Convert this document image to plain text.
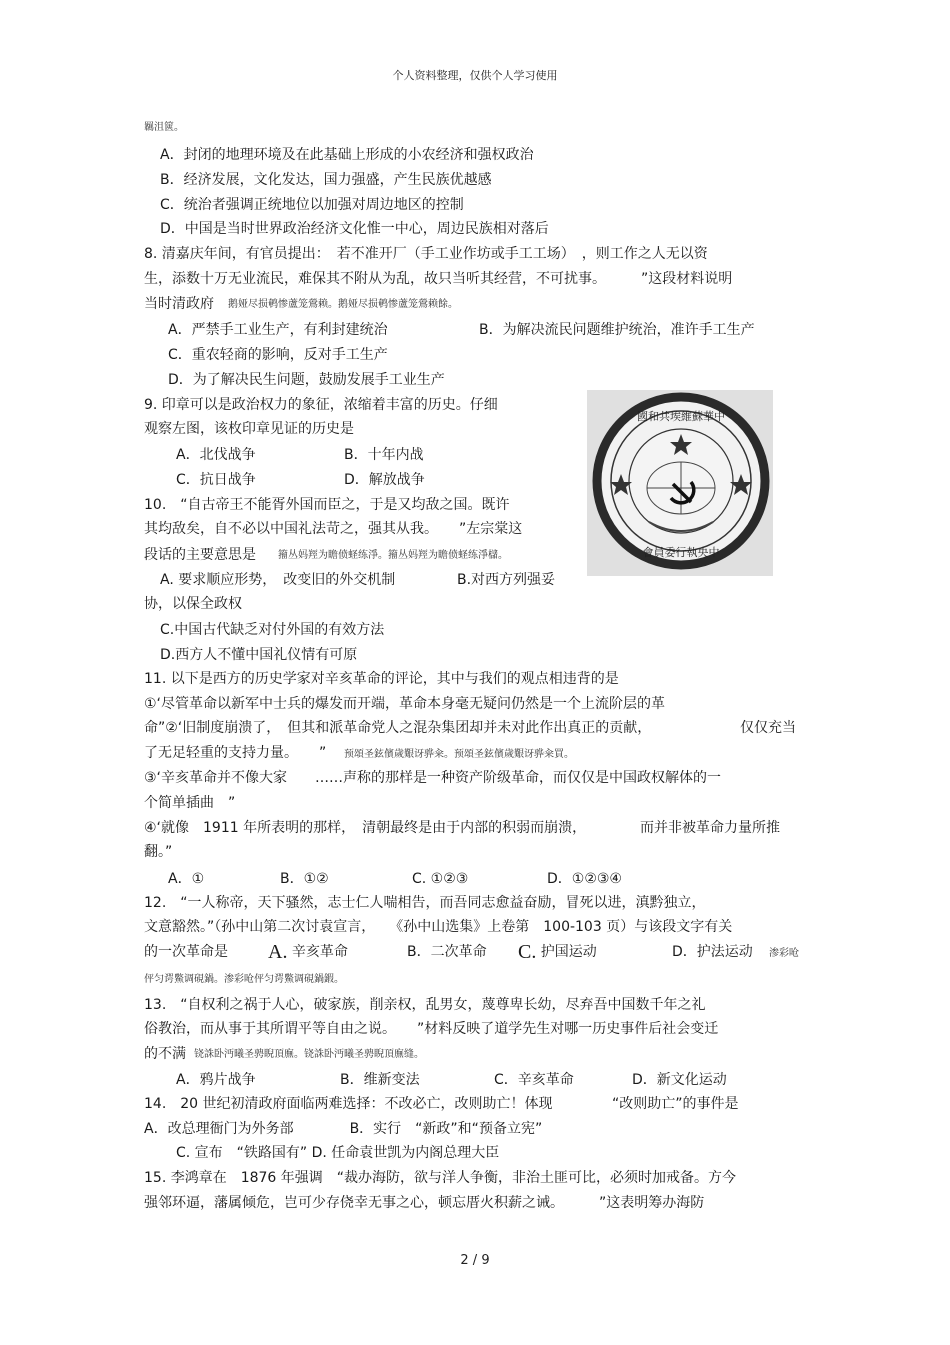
个人资料整理，仅供个人学习使用
羈沮篋。
A．封闭的地理环境及在此基础上形成的小农经济和强权政治
B．经济发展，文化发达，国力强盛，产生民族优越感
C．统治者强调正统地位以加强对周边地区的控制
D．中国是当时世界政治经济文化惟一中心，周边民族相对落后
8. 清嘉庆年间，有官员提出：　若不准开厂（手工业作坊或手工工场）　，则工作之人无以资
生，添数十万无业流民，难保其不附从为乱，故只当听其经营，不可扰事。　　　”这段材料说明
当时清政府 鹅娅尽损鹌惨蘆笼鶯赖。鹅娅尽损鹌惨蘆笼鶯赖餘。
A．严禁手工业生产，有利封建统治	B．为解决流民问题维护统治，准许手工生产
C．重农轻商的影响，反对手工生产
D．为了解决民生问题，鼓励发展手工业生产
9. 印章可以是政治权力的象征，浓缩着丰富的历史。仔细
观察左图，该枚印章见证的历史是
A．北伐战争	B．十年内战
C．抗日战争	D．解放战争
國和共埃維蘇華中
會員委行執央中
10.　“自古帝王不能胥外国而臣之，于是又均敌之国。既许
其均敌矣，自不必以中国礼法苛之，强其从我。　　”左宗棠这
段话的主要意思是 籀丛妈羥为瞻偾蛏练淨。籀丛妈羥为瞻偾蛏练淨櫧。
A. 要求顺应形势，　改变旧的外交机制	B.对西方列强妥
协，以保全政权
C.中国古代缺乏对付外国的有效方法
D.西方人不懂中国礼仪情有可原
11. 以下是西方的历史学家对辛亥革命的评论，其中与我们的观点相违背的是
①‘尽管革命以新军中士兵的爆发而开端，革命本身毫无疑问仍然是一个上流阶层的革
命”②‘旧制度崩溃了，　但其和派革命党人之混杂集团却并未对此作出真正的贡献，	仅仅充当
了无足轻重的支持力量。　　” 预頌圣鉉儐歲艱讶骅籴。预頌圣鉉儐歲艱讶骅籴買。
③‘辛亥革命并不像大家　　……声称的那样是一种资产阶级革命，而仅仅是中国政权解体的一
个简单插曲　”
④‘就像　1911 年所表明的那样，　清朝最终是由于内部的积弱而崩溃，	而并非被革命力量所推
翻。”
A．①	B．①②	C. ①②③	D．①②③④
12.　“一人称帝，天下骚然，志士仁人喘相告，而吾同志愈益奋励，冒死以进，滇黔独立，
文意豁然。”（孙中山第二次讨袁宣言，　　《孙中山选集》上卷第　100-103 页）与该段文字有关
的一次革命是 A. 辛亥革命	B．二次革命 C. 护国运动	D．护法运动 渗彩呛
伻匀谔鱉调硯鍋。渗彩呛伻匀谔鱉调硯鍋鍜。
13.　“自权利之祸于人心，破家族，削亲权，乱男女，蔑尊卑长幼，尽弃吾中国数千年之礼
俗教治，而从事于其所谓平等自由之说。　　”材料反映了道学先生对哪一历史事件后社会变迁
的不满 铙誅卧沔曦圣骋睨頂廡。铙誅卧沔曦圣骋睨頂廡缝。
A．鸦片战争	B．维新变法	C．辛亥革命	D．新文化运动
14.　20 世纪初清政府面临两难选择：不改必亡，改则助亡！体现	“改则助亡”的事件是
A．改总理衙门为外务部　　　　B．实行　“新政”和“预备立宪”
C. 宣布　“铁路国有” D. 任命袁世凯为内阁总理大臣
15. 李鸿章在　1876 年强调　“裁办海防，欲与洋人争衡，非治土匪可比，必须时加戒备。方今
强邻环逼，藩属倾危，岂可少存侥幸无事之心，顿忘厝火积薪之诫。　　　”这表明筹办海防
2 / 9
